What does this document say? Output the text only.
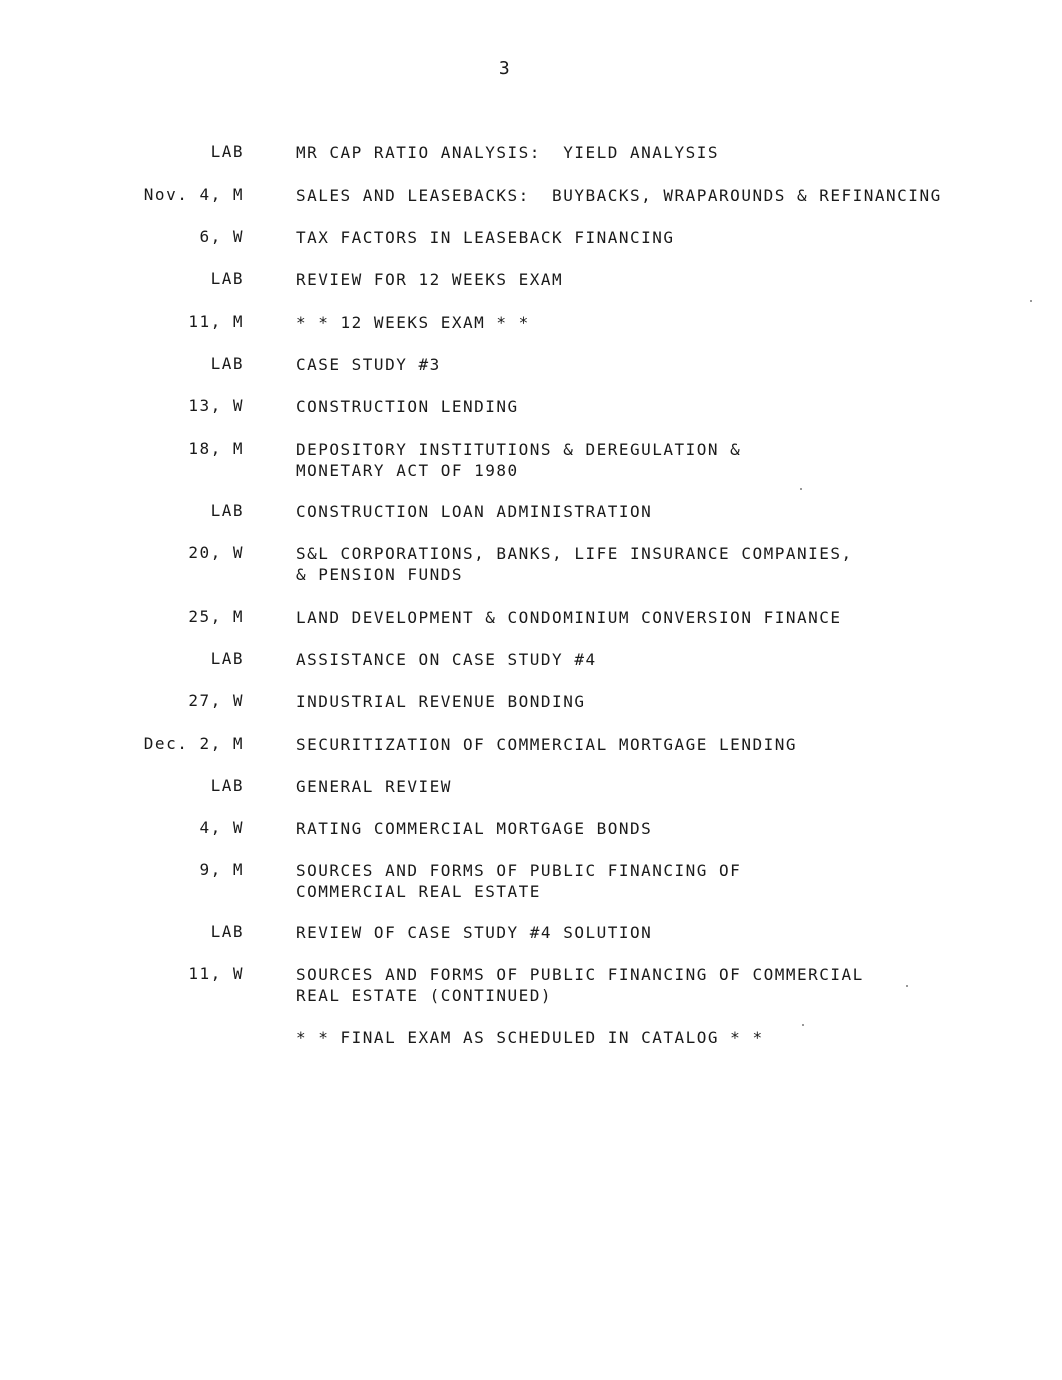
3
LAB	MR CAP RATIO ANALYSIS:  YIELD ANALYSIS
Nov. 4, M	SALES AND LEASEBACKS:  BUYBACKS, WRAPAROUNDS & REFINANCING
6, W	TAX FACTORS IN LEASEBACK FINANCING
LAB	REVIEW FOR 12 WEEKS EXAM
11, M	* * 12 WEEKS EXAM * *
LAB	CASE STUDY #3
13, W	CONSTRUCTION LENDING
18, M	DEPOSITORY INSTITUTIONS & DEREGULATION &
MONETARY ACT OF 1980
LAB	CONSTRUCTION LOAN ADMINISTRATION
20, W	S&L CORPORATIONS, BANKS, LIFE INSURANCE COMPANIES,
& PENSION FUNDS
25, M	LAND DEVELOPMENT & CONDOMINIUM CONVERSION FINANCE
LAB	ASSISTANCE ON CASE STUDY #4
27, W	INDUSTRIAL REVENUE BONDING
Dec. 2, M	SECURITIZATION OF COMMERCIAL MORTGAGE LENDING
LAB	GENERAL REVIEW
4, W	RATING COMMERCIAL MORTGAGE BONDS
9, M	SOURCES AND FORMS OF PUBLIC FINANCING OF
COMMERCIAL REAL ESTATE
LAB	REVIEW OF CASE STUDY #4 SOLUTION
11, W	SOURCES AND FORMS OF PUBLIC FINANCING OF COMMERCIAL
REAL ESTATE (CONTINUED)
* * FINAL EXAM AS SCHEDULED IN CATALOG * *
